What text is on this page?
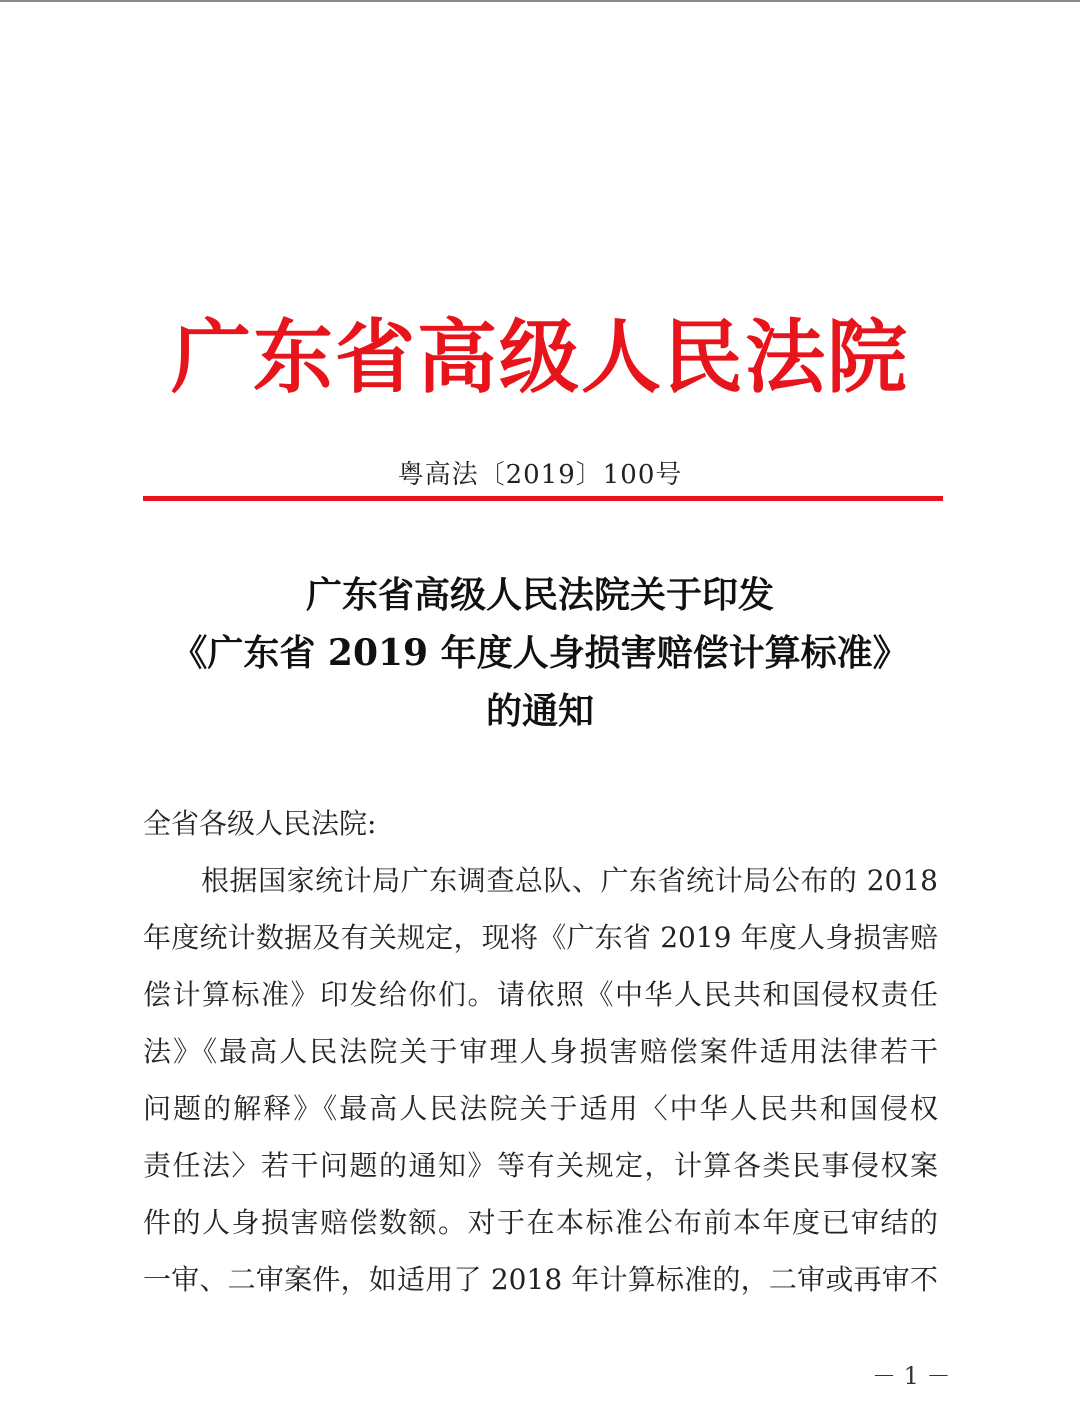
广东省高级人民法院
粤高法〔2019〕100号
广东省高级人民法院关于印发
《广东省 2019 年度人身损害赔偿计算标准》
的通知
全省各级人民法院:
根据国家统计局广东调查总队、广东省统计局公布的 2018
年度统计数据及有关规定，现将《广东省 2019 年度人身损害赔
偿计算标准》印发给你们。请依照《中华人民共和国侵权责任
法》《最高人民法院关于审理人身损害赔偿案件适用法律若干
问题的解释》《最高人民法院关于适用〈中华人民共和国侵权
责任法〉若干问题的通知》等有关规定，计算各类民事侵权案
件的人身损害赔偿数额。对于在本标准公布前本年度已审结的
一审、二审案件，如适用了 2018 年计算标准的，二审或再审不
－ 1 －
